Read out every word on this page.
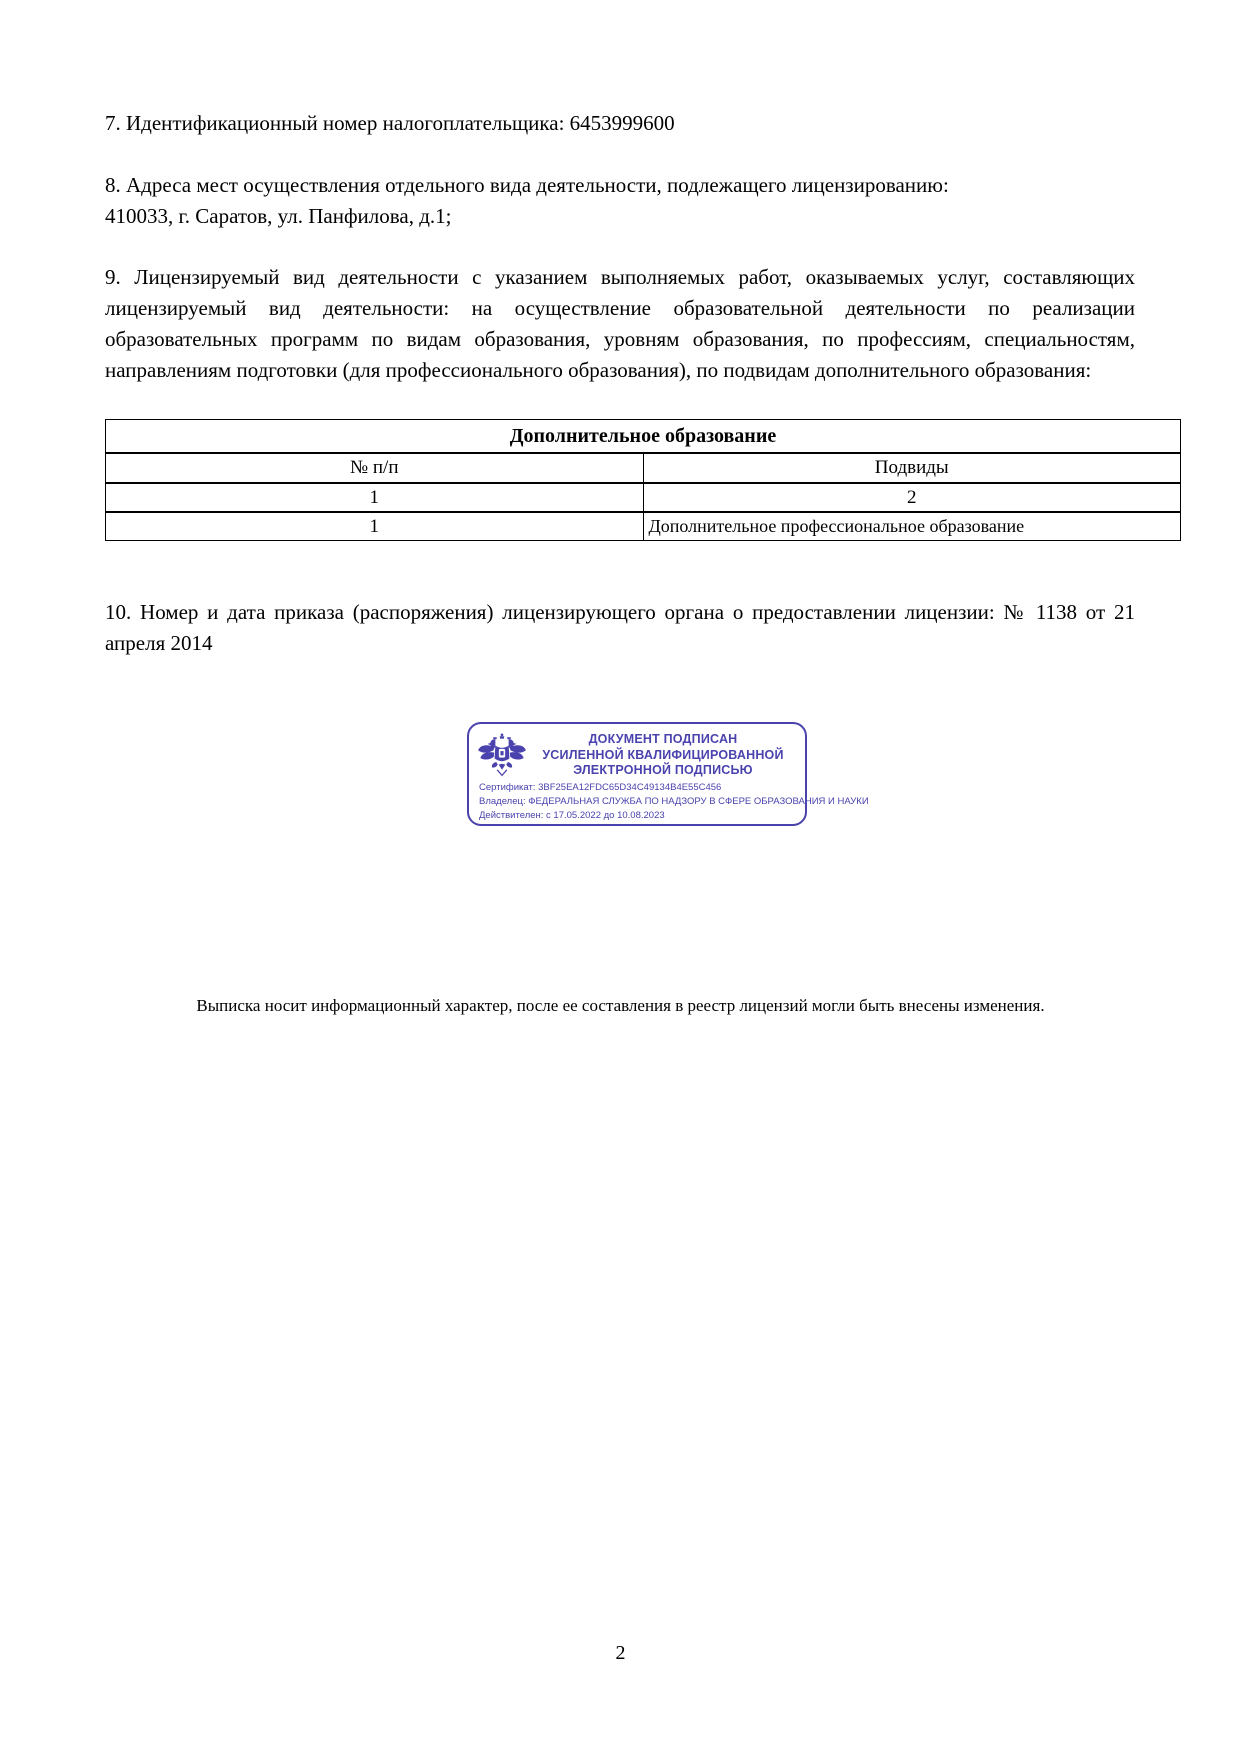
7. Идентификационный номер налогоплательщика: 6453999600

8. Адреса мест осуществления отдельного вида деятельности, подлежащего лицензированию:
410033, г. Саратов, ул. Панфилова, д.1;

9. Лицензируемый вид деятельности с указанием выполняемых работ, оказываемых услуг, составляющих лицензируемый вид деятельности: на осуществление образовательной деятельности по реализации образовательных программ по видам образования, уровням образования, по профессиям, специальностям, направлениям подготовки (для профессионального образования), по подвидам дополнительного образования:

Дополнительное образование	
№ п/п	Подвиды
1	2
1	Дополнительное профессиональное образование

10. Номер и дата приказа (распоряжения) лицензирующего органа о предоставлении лицензии: № 1138 от 21 апреля 2014

ДОКУМЕНТ ПОДПИСАН
УСИЛЕННОЙ КВАЛИФИЦИРОВАННОЙ
ЭЛЕКТРОННОЙ ПОДПИСЬЮ
Сертификат: 3BF25EA12FDC65D34C49134B4E55C456
Владелец: ФЕДЕРАЛЬНАЯ СЛУЖБА ПО НАДЗОРУ В СФЕРЕ ОБРАЗОВАНИЯ И НАУКИ
Действителен: с 17.05.2022 до 10.08.2023

Выписка носит информационный характер, после ее составления в реестр лицензий могли быть внесены изменения.

2
